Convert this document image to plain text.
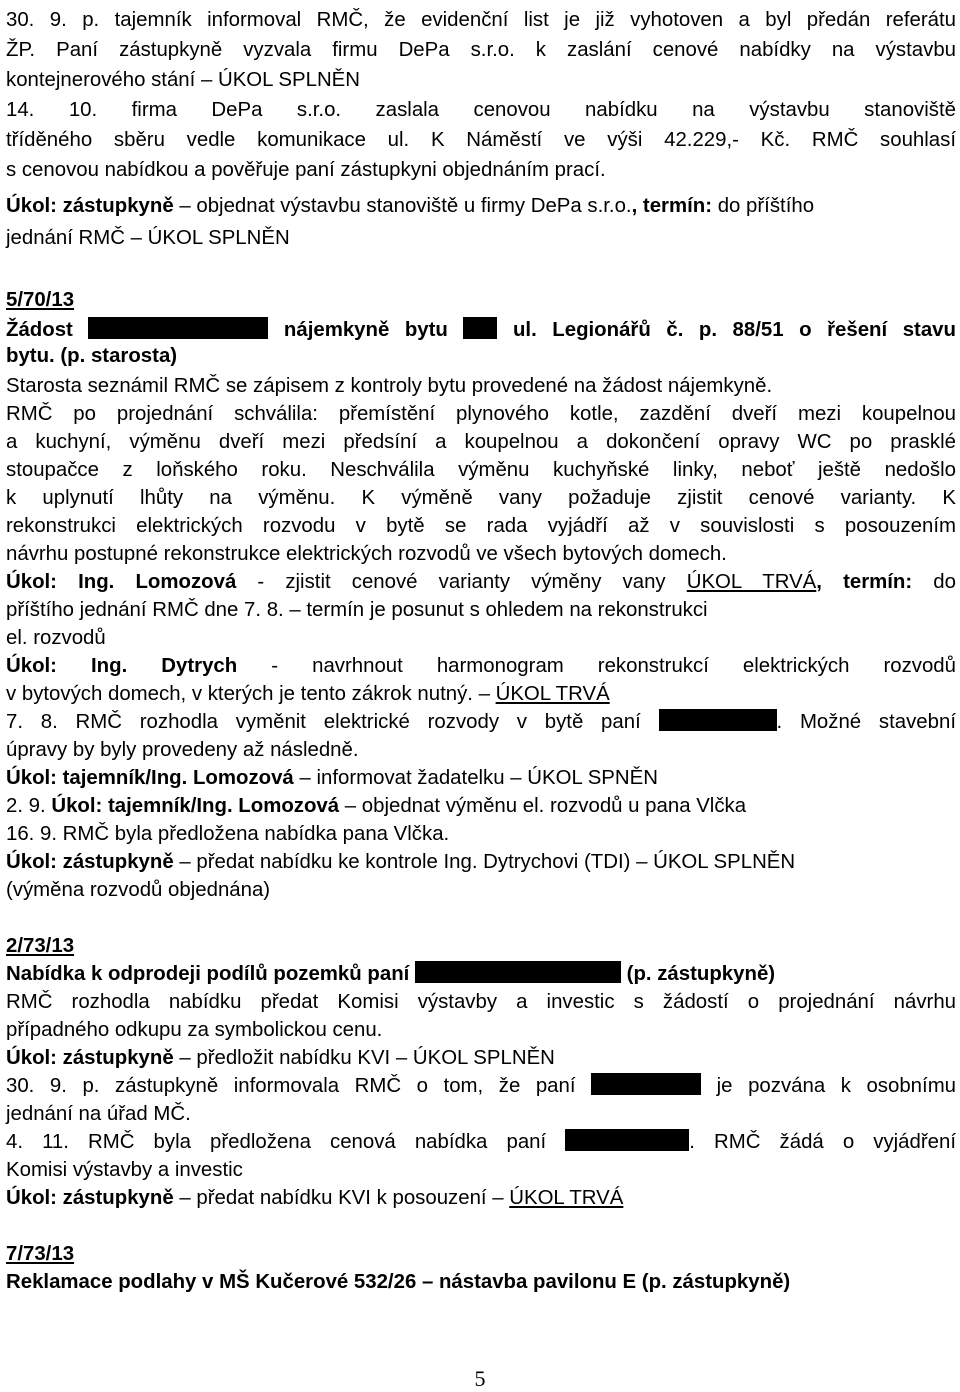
30. 9. p. tajemník informoval RMČ, že evidenční list je již vyhotoven a byl předán referátu
ŽP. Paní zástupkyně vyzvala firmu DePa s.r.o. k zaslání cenové nabídky na výstavbu
kontejnerového stání – ÚKOL SPLNĚN
14. 10. firma DePa s.r.o. zaslala cenovou nabídku na výstavbu stanoviště
tříděného sběru vedle komunikace ul. K Náměstí ve výši 42.229,- Kč. RMČ souhlasí
s cenovou nabídkou a pověřuje paní zástupkyni objednáním prací.
Úkol: zástupkyně – objednat výstavbu stanoviště u firmy DePa s.r.o., termín: do příštího
jednání RMČ – ÚKOL SPLNĚN
5/70/13
Žádost	nájemkyně bytu	ul. Legionářů č. p. 88/51 o řešení stavu
bytu. (p. starosta)
Starosta seznámil RMČ se zápisem z kontroly bytu provedené na žádost nájemkyně.
RMČ po projednání schválila: přemístění plynového kotle, zazdění dveří mezi koupelnou
a kuchyní, výměnu dveří mezi předsíní a koupelnou a dokončení opravy WC po prasklé
stoupačce z loňského roku. Neschválila výměnu kuchyňské linky, neboť ještě nedošlo
k uplynutí lhůty na výměnu. K výměně vany požaduje zjistit cenové varianty. K
rekonstrukci elektrických rozvodu v bytě se rada vyjádří až v souvislosti s posouzením
návrhu postupné rekonstrukce elektrických rozvodů ve všech bytových domech.
Úkol: Ing. Lomozová - zjistit cenové varianty výměny vany ÚKOL TRVÁ, termín: do
příštího jednání RMČ dne 7. 8. – termín je posunut s ohledem na rekonstrukci
el. rozvodů
Úkol: Ing. Dytrych - navrhnout harmonogram rekonstrukcí elektrických rozvodů
v bytových domech, v kterých je tento zákrok nutný. – ÚKOL TRVÁ
7. 8. RMČ rozhodla vyměnit elektrické rozvody v bytě paní	. Možné stavební
úpravy by byly provedeny až následně.
Úkol: tajemník/Ing. Lomozová – informovat žadatelku – ÚKOL SPNĚN
2. 9. Úkol: tajemník/Ing. Lomozová – objednat výměnu el. rozvodů u pana Vlčka
16. 9. RMČ byla předložena nabídka pana Vlčka.
Úkol: zástupkyně – předat nabídku ke kontrole Ing. Dytrychovi (TDI) – ÚKOL SPLNĚN
(výměna rozvodů objednána)
2/73/13
Nabídka k odprodeji podílů pozemků paní	(p. zástupkyně)
RMČ rozhodla nabídku předat Komisi výstavby a investic s žádostí o projednání návrhu
případného odkupu za symbolickou cenu.
Úkol: zástupkyně – předložit nabídku KVI – ÚKOL SPLNĚN
30. 9. p. zástupkyně informovala RMČ o tom, že paní	je pozvána k osobnímu
jednání na úřad MČ.
4. 11. RMČ byla předložena cenová nabídka paní	. RMČ žádá o vyjádření
Komisi výstavby a investic
Úkol: zástupkyně – předat nabídku KVI k posouzení – ÚKOL TRVÁ
7/73/13
Reklamace podlahy v MŠ Kučerové 532/26 – nástavba pavilonu E (p. zástupkyně)
5
